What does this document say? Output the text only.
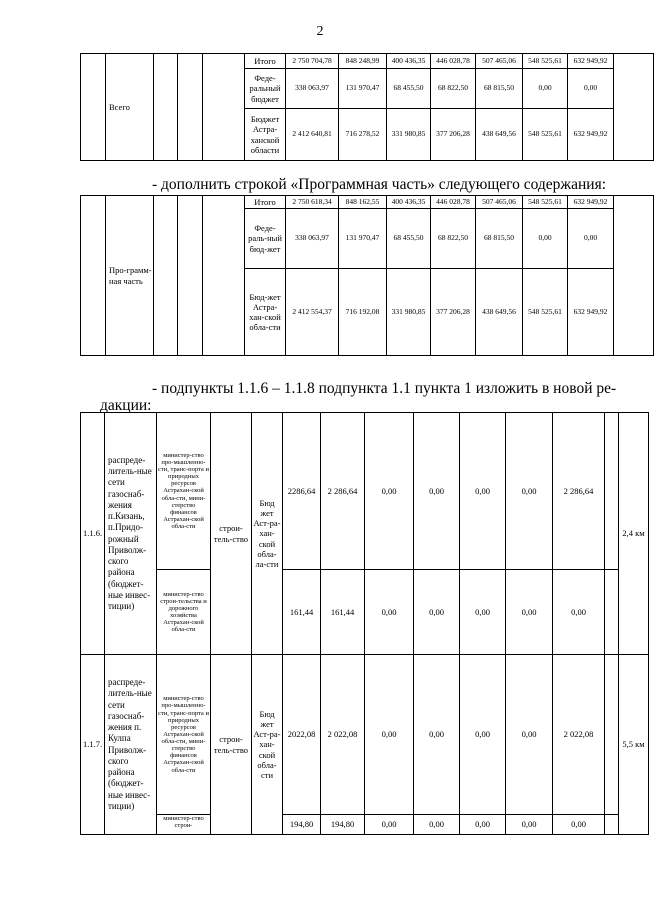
2
	Всего				Итого	2 750 704,78	848 248,99	400 436,35	446 028,78	507 465,06	548 525,61	632 949,92	
					Феде-ральный бюджет	338 063,97	131 970,47	68 455,50	68 822,50	68 815,50	0,00	0,00	
					Бюджет Астра-ханской области	2 412 640,81	716 278,52	331 980,85	377 206,28	438 649,56	548 525,61	632 949,92	
- дополнить строкой «Программная часть» следующего содержания:
	Про-грамм-ная часть				Итого	2 750 618,34	848 162,55	400 436,35	446 028,78	507 465,06	548 525,61	632 949,92	
					Феде-раль-ный бюд-жет	338 063,97	131 970,47	68 455,50	68 822,50	68 815,50	0,00	0,00	
					Бюд-жет Астра-хан-ской обла-сти	2 412 554,37	716 192,08	331 980,85	377 206,28	438 649,56	548 525,61	632 949,92	
- подпункты 1.1.6 – 1.1.8 подпункта 1.1 пункта 1 изложить в новой ре-
дакции:
1.1.6.	распреде-литель-ные сети газоснаб-жения п.Кизань, п.Придо-рожный Приволж-ского района (бюджет-ные инвес-тиции)	министер-ство про-мышленно-сти, транс-порта и природных ресурсов Астрахан-ской обла-сти, мини-стерство финансов Астрахан-ской обла-сти	строи-тель-ство	Бюд жет Аст-ра-хан-ской обла-ла-сти	2286,64	2 286,64	0,00	0,00	0,00	0,00	2 286,64		2,4 км
		министер-ство строи-тельства и дорожного хозяйства Астрахан-ской обла-сти			161,44	161,44	0,00	0,00	0,00	0,00	0,00		
1.1.7.	распреде-литель-ные сети газоснаб-жения п. Кулпа Приволж-ского района (бюджет-ные инвес-тиции)	министер-ство про-мышленно-сти, транс-порта и природных ресурсов Астрахан-ской обла-сти, мини-стерство финансов Астрахан-ской обла-сти	строи-тель-ство	Бюд жет Аст-ра-хан-ской обла-сти	2022,08	2 022,08	0,00	0,00	0,00	0,00	2 022,08		5,5 км
		министер-ство строи-			194,80	194,80	0,00	0,00	0,00	0,00	0,00		
